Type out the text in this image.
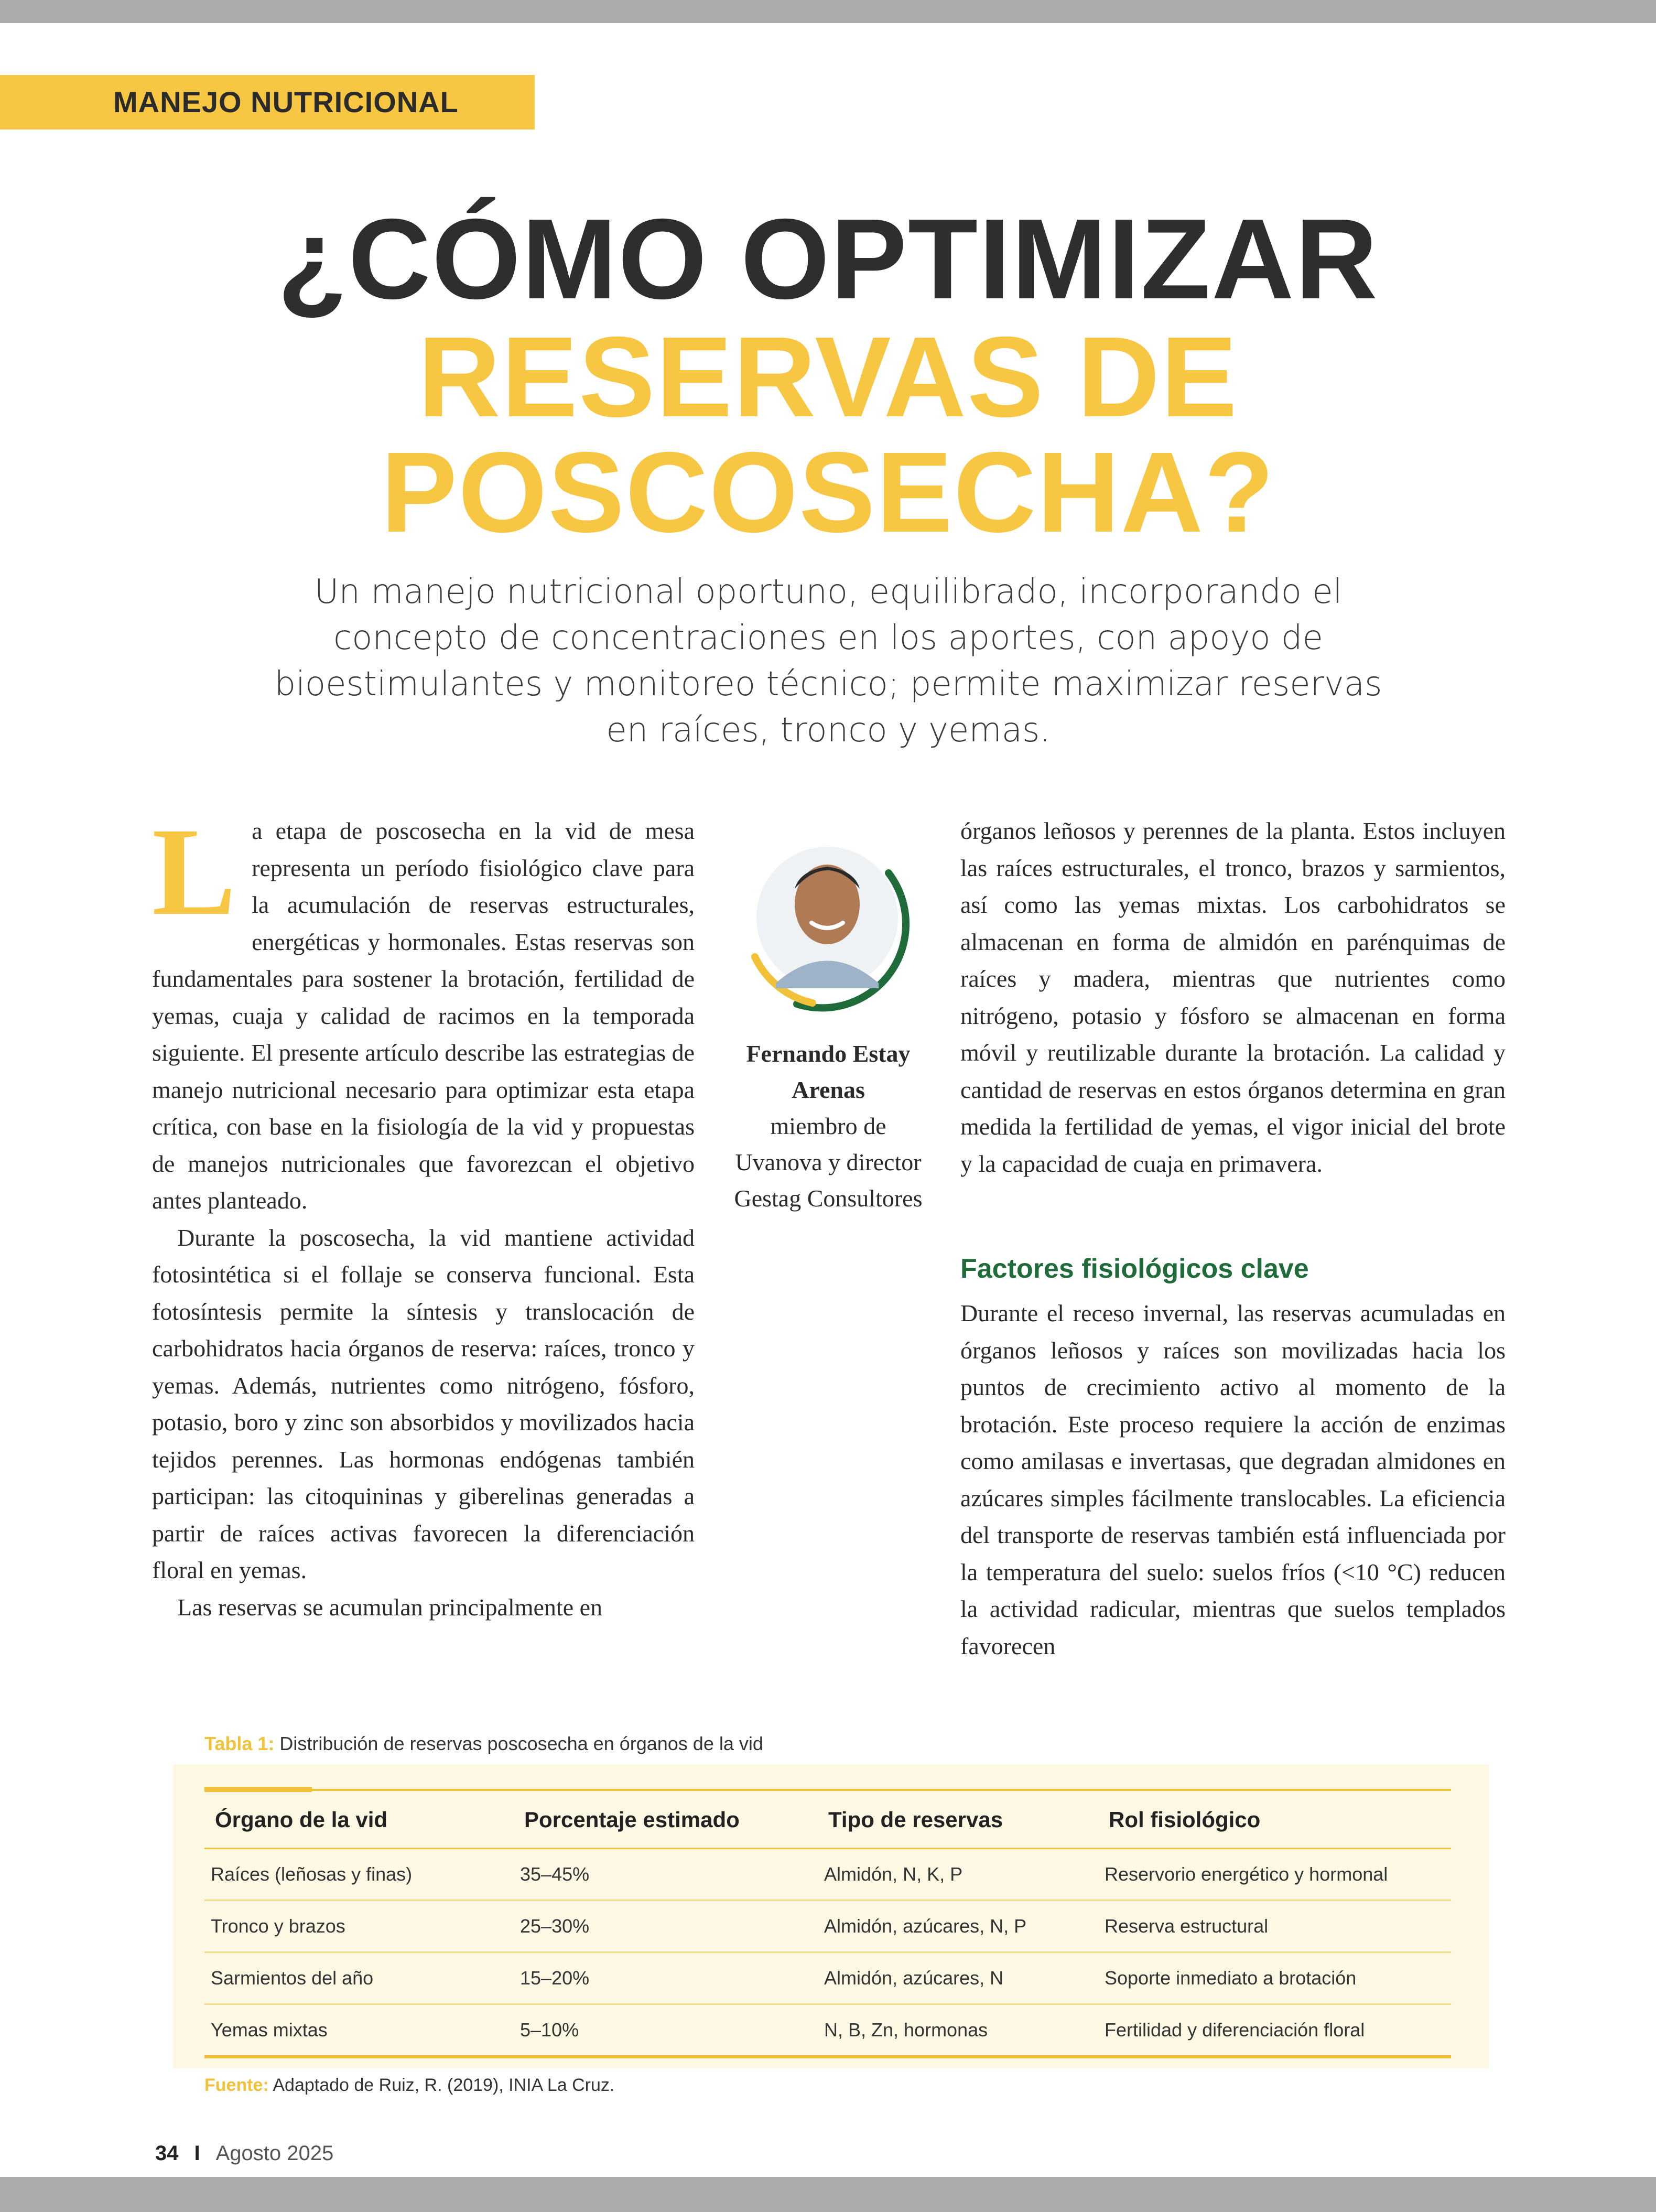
MANEJO NUTRICIONAL
¿CÓMO OPTIMIZAR
RESERVAS DE
POSCOSECHA?
Un manejo nutricional oportuno, equilibrado, incorporando el concepto de concentraciones en los aportes, con apoyo de bioestimulantes y monitoreo técnico; permite maximizar reservas en raíces, tronco y yemas.
L a etapa de poscosecha en la vid de mesa representa un período fisiológico clave para la acumulación de reservas estructurales, energéticas y hormonales. Estas reservas son fundamentales para sostener la brotación, fertilidad de yemas, cuaja y calidad de racimos en la temporada siguiente. El presente artículo describe las estrategias de manejo nutricional necesario para optimizar esta etapa crítica, con base en la fisiología de la vid y propuestas de manejos nutricionales que favorezcan el objetivo antes planteado.

Durante la poscosecha, la vid mantiene actividad fotosintética si el follaje se conserva funcional. Esta fotosíntesis permite la síntesis y translocación de carbohidratos hacia órganos de reserva: raíces, tronco y yemas. Además, nutrientes como nitrógeno, fósforo, potasio, boro y zinc son absorbidos y movilizados hacia tejidos perennes. Las hormonas endógenas también participan: las citoquininas y giberelinas generadas a partir de raíces activas favorecen la diferenciación floral en yemas.

Las reservas se acumulan principalmente en

Fernando Estay
Arenas
miembro de
Uvanova y director
Gestag Consultores

órganos leñosos y perennes de la planta. Estos incluyen las raíces estructurales, el tronco, brazos y sarmientos, así como las yemas mixtas. Los carbohidratos se almacenan en forma de almidón en parénquimas de raíces y madera, mientras que nutrientes como nitrógeno, potasio y fósforo se almacenan en forma móvil y reutilizable durante la brotación. La calidad y cantidad de reservas en estos órganos determina en gran medida la fertilidad de yemas, el vigor inicial del brote y la capacidad de cuaja en primavera.

Factores fisiológicos clave

Durante el receso invernal, las reservas acumuladas en órganos leñosos y raíces son movilizadas hacia los puntos de crecimiento activo al momento de la brotación. Este proceso requiere la acción de enzimas como amilasas e invertasas, que degradan almidones en azúcares simples fácilmente translocables. La eficiencia del transporte de reservas también está influenciada por la temperatura del suelo: suelos fríos (<10 °C) reducen la actividad radicular, mientras que suelos templados favorecen

Tabla 1: Distribución de reservas poscosecha en órganos de la vid
Órgano de la vid	Porcentaje estimado	Tipo de reservas	Rol fisiológico
Raíces (leñosas y finas)	35–45%	Almidón, N, K, P	Reservorio energético y hormonal
Tronco y brazos	25–30%	Almidón, azúcares, N, P	Reserva estructural
Sarmientos del año	15–20%	Almidón, azúcares, N	Soporte inmediato a brotación
Yemas mixtas	5–10%	N, B, Zn, hormonas	Fertilidad y diferenciación floral
Fuente: Adaptado de Ruiz, R. (2019), INIA La Cruz.
34 I Agosto 2025
